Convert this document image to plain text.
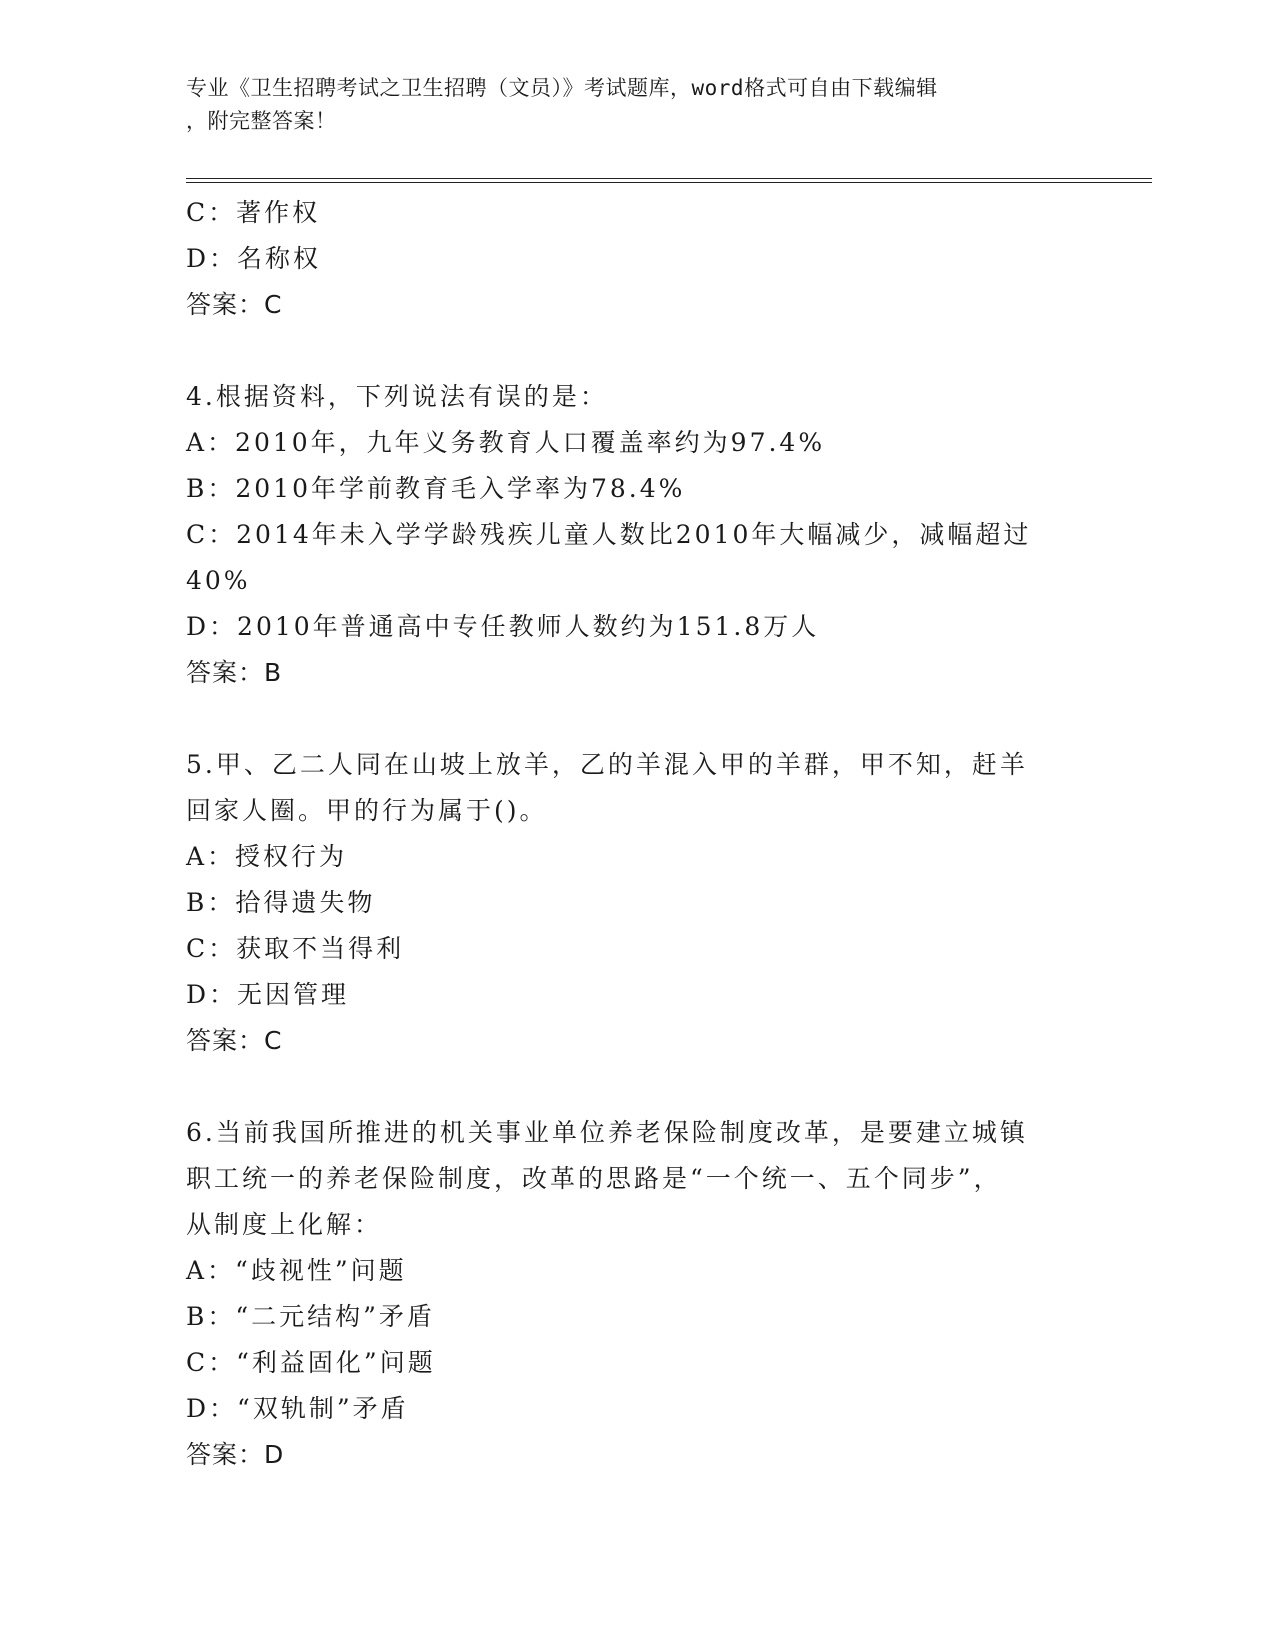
专业《卫生招聘考试之卫生招聘（文员）》考试题库，word格式可自由下载编辑
，附完整答案！
C：著作权
D：名称权
答案：C
4.根据资料，下列说法有误的是：
A：2010年，九年义务教育人口覆盖率约为97.4%
B：2010年学前教育毛入学率为78.4%
C：2014年未入学学龄残疾儿童人数比2010年大幅减少，减幅超过
40%
D：2010年普通高中专任教师人数约为151.8万人
答案：B
5.甲、乙二人同在山坡上放羊，乙的羊混入甲的羊群，甲不知，赶羊
回家人圈。甲的行为属于()。
A：授权行为
B：拾得遗失物
C：获取不当得利
D：无因管理
答案：C
6.当前我国所推进的机关事业单位养老保险制度改革，是要建立城镇
职工统一的养老保险制度，改革的思路是“一个统一、五个同步”，
从制度上化解：
A：“歧视性”问题
B：“二元结构”矛盾
C：“利益固化”问题
D：“双轨制”矛盾
答案：D
